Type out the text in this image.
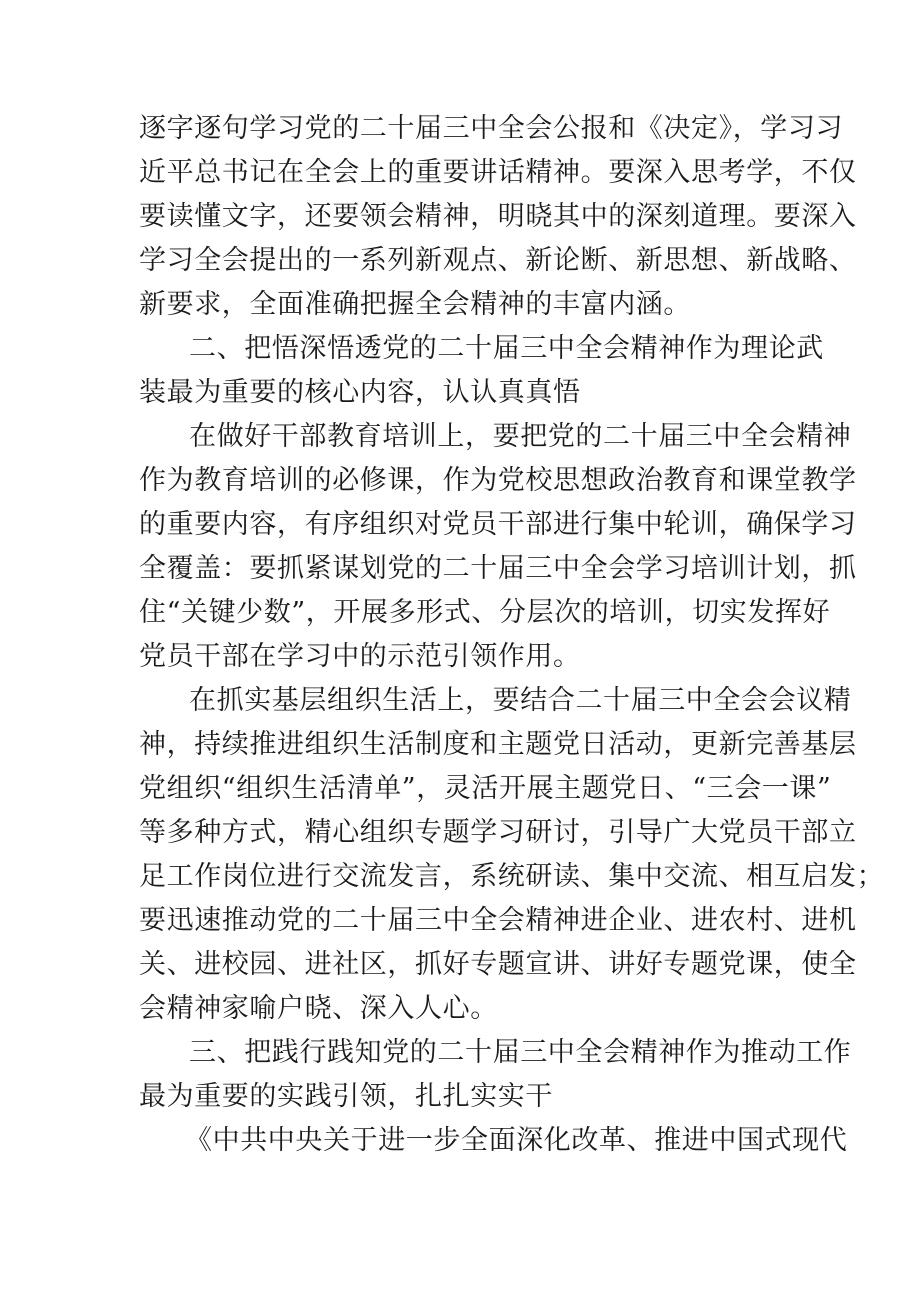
逐字逐句学习党的二十届三中全会公报和《决定》，学习习
近平总书记在全会上的重要讲话精神。要深入思考学，不仅
要读懂文字，还要领会精神，明晓其中的深刻道理。要深入
学习全会提出的一系列新观点、新论断、新思想、新战略、
新要求，全面准确把握全会精神的丰富内涵。
二、把悟深悟透党的二十届三中全会精神作为理论武
装最为重要的核心内容，认认真真悟
在做好干部教育培训上，要把党的二十届三中全会精神
作为教育培训的必修课，作为党校思想政治教育和课堂教学
的重要内容，有序组织对党员干部进行集中轮训，确保学习
全覆盖：要抓紧谋划党的二十届三中全会学习培训计划，抓
住“关键少数”，开展多形式、分层次的培训，切实发挥好
党员干部在学习中的示范引领作用。
在抓实基层组织生活上，要结合二十届三中全会会议精
神，持续推进组织生活制度和主题党日活动，更新完善基层
党组织“组织生活清单”，灵活开展主题党日、“三会一课”
等多种方式，精心组织专题学习研讨，引导广大党员干部立
足工作岗位进行交流发言，系统研读、集中交流、相互启发；
要迅速推动党的二十届三中全会精神进企业、进农村、进机
关、进校园、进社区，抓好专题宣讲、讲好专题党课，使全
会精神家喻户晓、深入人心。
三、把践行践知党的二十届三中全会精神作为推动工作
最为重要的实践引领，扎扎实实干
《中共中央关于进一步全面深化改革、推进中国式现代
